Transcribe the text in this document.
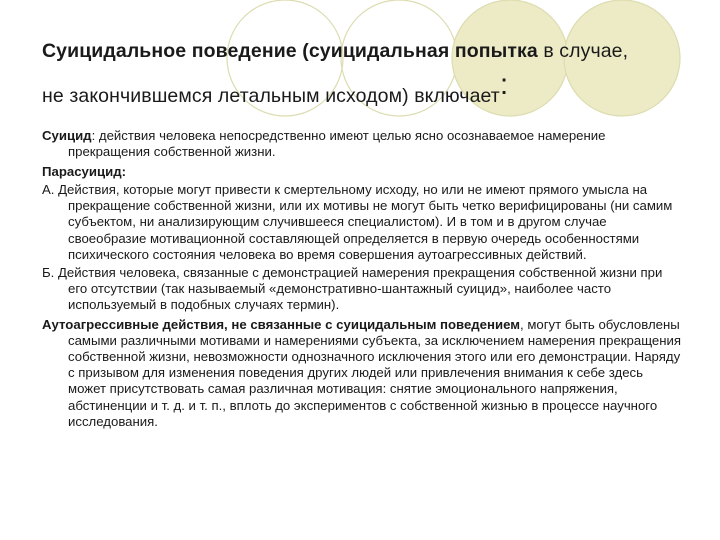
Суицидальное поведение (суицидальная попытка в случае,
не закончившемся летальным исходом) включает:

Суицид: действия человека непосредственно имеют целью ясно осознаваемое намерение прекращения собственной жизни.

Парасуицид:

А. Действия, которые могут привести к смертельному исходу, но или не имеют прямого умысла на прекращение собственной жизни, или их мотивы не могут быть четко верифицированы (ни самим субъектом, ни анализирующим случившееся специалистом). И в том и в другом случае своеобразие мотивационной составляющей определяется в первую очередь особенностями психического состояния человека во время совершения аутоагрессивных действий.

Б. Действия человека, связанные с демонстрацией намерения прекращения собственной жизни при его отсутствии (так называемый «демонстративно-шантажный суицид», наиболее часто используемый в подобных случаях термин).

Аутоагрессивные действия, не связанные с суицидальным поведением, могут быть обусловлены самыми различными мотивами и намерениями субъекта, за исключением намерения прекращения собственной жизни, невозможности однозначного исключения этого или его демонстрации. Наряду с призывом для изменения поведения других людей или привлечения внимания к себе здесь может присутствовать самая различная мотивация: снятие эмоционального напряжения, абстиненции и т. д. и т. п., вплоть до экспериментов с собственной жизнью в процессе научного исследования.
